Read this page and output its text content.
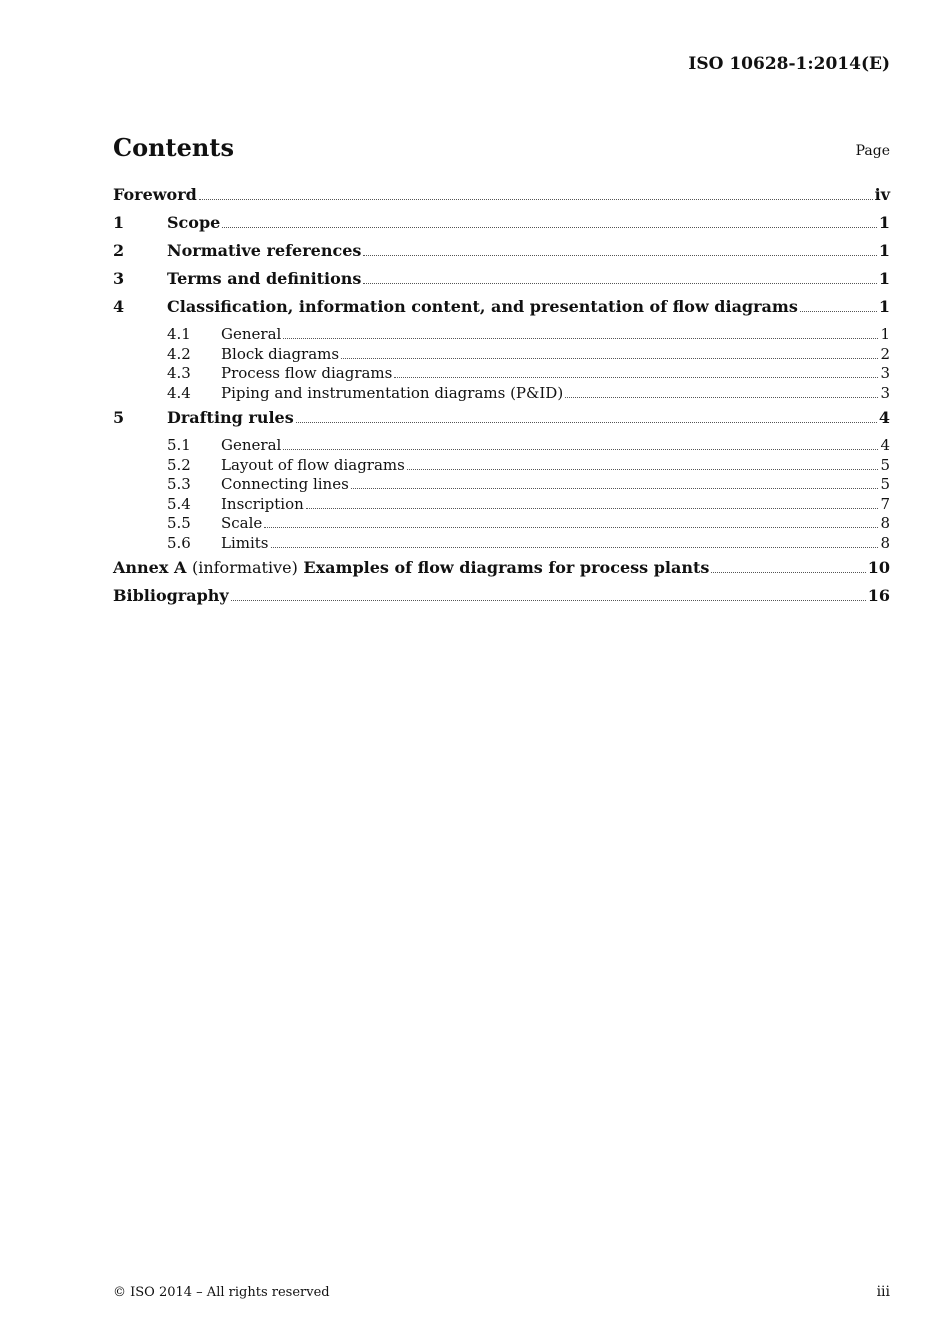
ISO 10628-1:2014(E)
Contents	Page
Foreword	iv
1	Scope	1
2	Normative references	1
3	Terms and definitions	1
4	Classification, information content, and presentation of flow diagrams	1
4.1	General	1
4.2	Block diagrams	2
4.3	Process flow diagrams	3
4.4	Piping and instrumentation diagrams (P&ID)	3
5	Drafting rules	4
5.1	General	4
5.2	Layout of flow diagrams	5
5.3	Connecting lines	5
5.4	Inscription	7
5.5	Scale	8
5.6	Limits	8
Annex A (informative) Examples of flow diagrams for process plants	10
Bibliography	16
© ISO 2014 – All rights reserved	iii
